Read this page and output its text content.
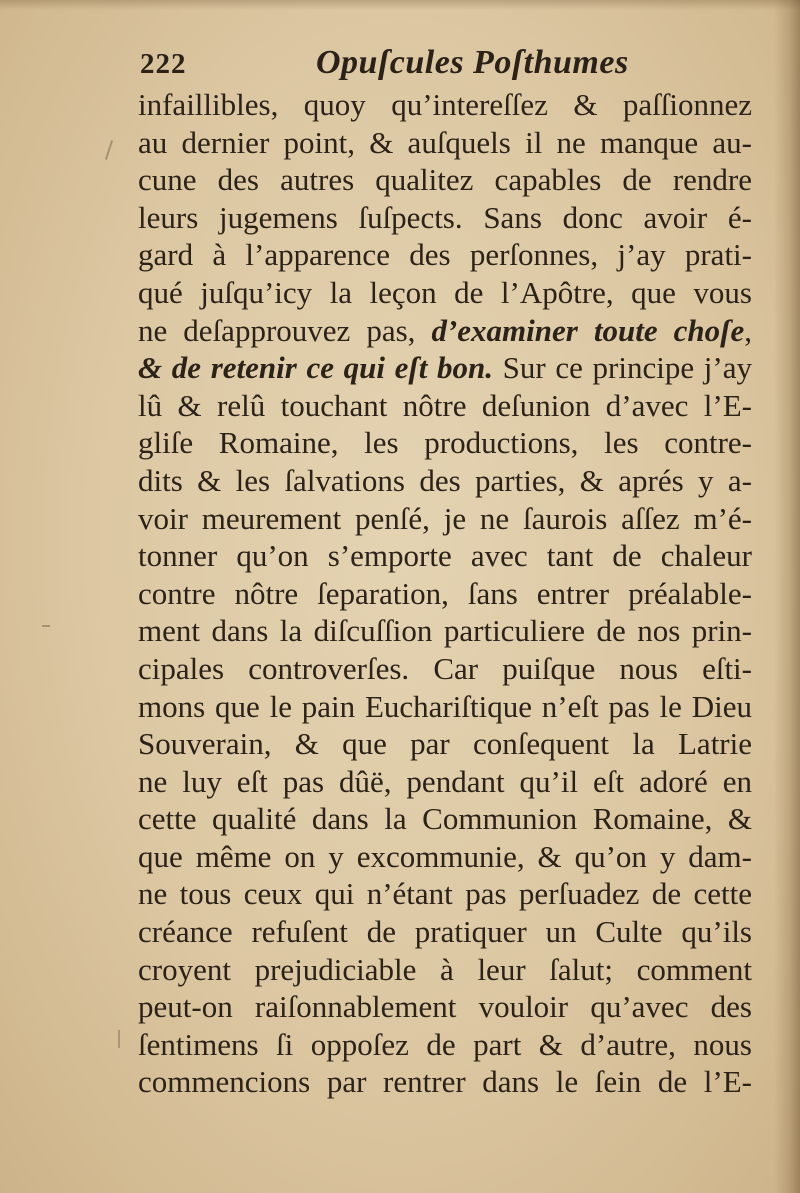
222	Opuſcules Poſthumes
infaillibles, quoy qu’intereſſez & paſſionnez
au dernier point, & auſquels il ne manque au-
cune des autres qualitez capables de rendre
leurs jugemens ſuſpects. Sans donc avoir é-
gard à l’apparence des perſonnes, j’ay prati-
qué juſqu’icy la leçon de l’Apôtre, que vous
ne deſapprouvez pas, d’examiner toute choſe,
& de retenir ce qui eſt bon. Sur ce principe j’ay
lû & relû touchant nôtre deſunion d’avec l’E-
gliſe Romaine, les productions, les contre-
dits & les ſalvations des parties, & aprés y a-
voir meurement penſé, je ne ſaurois aſſez m’é-
tonner qu’on s’emporte avec tant de chaleur
contre nôtre ſeparation, ſans entrer préalable-
ment dans la diſcuſſion particuliere de nos prin-
cipales controverſes. Car puiſque nous eſti-
mons que le pain Euchariſtique n’eſt pas le Dieu
Souverain, & que par conſequent la Latrie
ne luy eſt pas dûë, pendant qu’il eſt adoré en
cette qualité dans la Communion Romaine, &
que même on y excommunie, & qu’on y dam-
ne tous ceux qui n’étant pas perſuadez de cette
créance refuſent de pratiquer un Culte qu’ils
croyent prejudiciable à leur ſalut; comment
peut-on raiſonnablement vouloir qu’avec des
ſentimens ſi oppoſez de part & d’autre, nous
commencions par rentrer dans le ſein de l’E-
